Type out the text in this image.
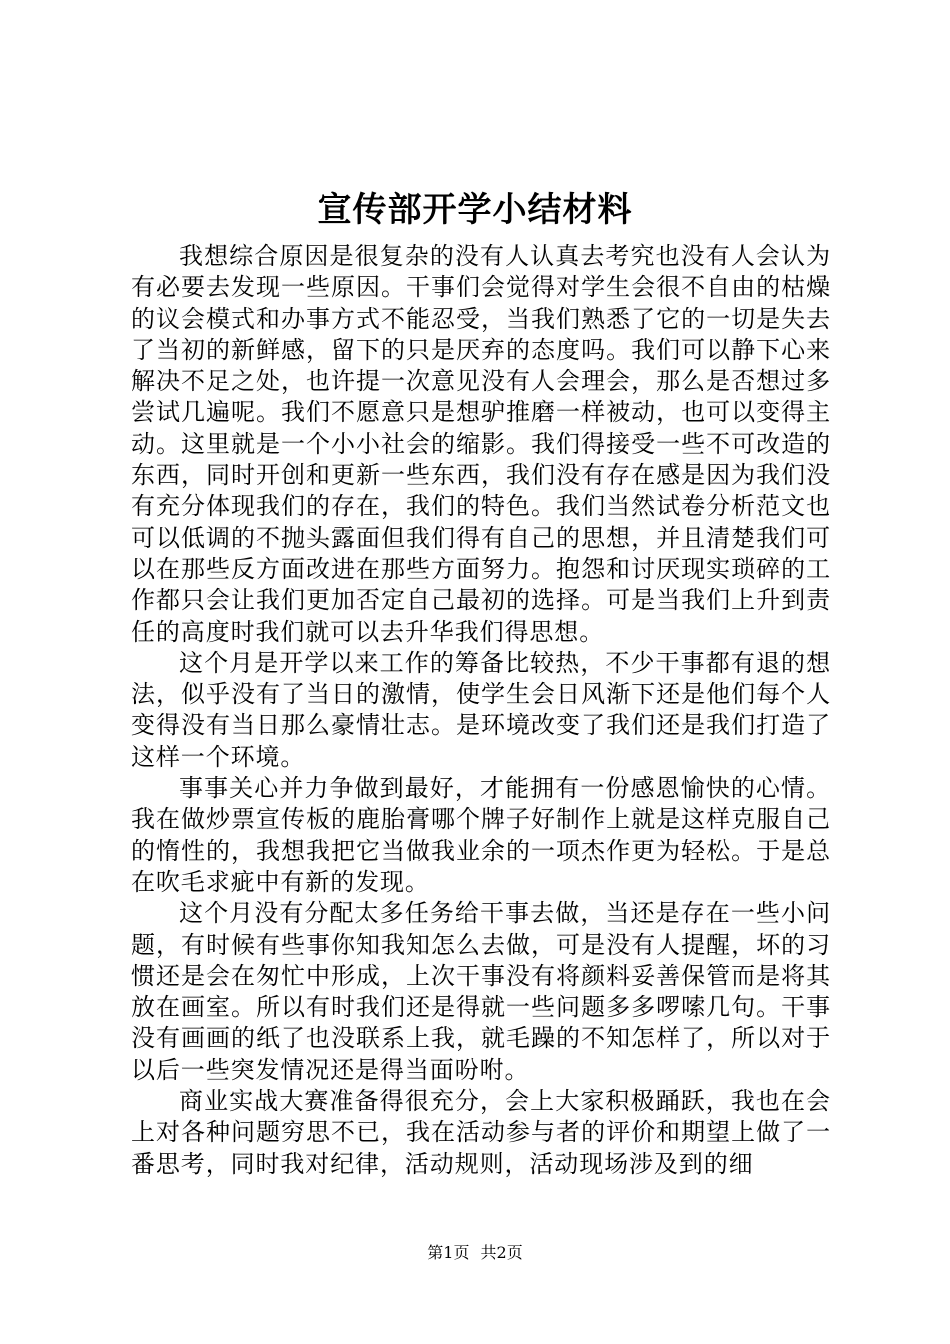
宣传部开学小结材料

我想综合原因是很复杂的没有人认真去考究也没有人会认为有必要去发现一些原因。干事们会觉得对学生会很不自由的枯燥的议会模式和办事方式不能忍受，当我们熟悉了它的一切是失去了当初的新鲜感，留下的只是厌弃的态度吗。我们可以静下心来解决不足之处，也许提一次意见没有人会理会，那么是否想过多尝试几遍呢。我们不愿意只是想驴推磨一样被动，也可以变得主动。这里就是一个小小社会的缩影。我们得接受一些不可改造的东西，同时开创和更新一些东西，我们没有存在感是因为我们没有充分体现我们的存在，我们的特色。我们当然试卷分析范文也可以低调的不抛头露面但我们得有自己的思想，并且清楚我们可以在那些反方面改进在那些方面努力。抱怨和讨厌现实琐碎的工作都只会让我们更加否定自己最初的选择。可是当我们上升到责任的高度时我们就可以去升华我们得思想。

这个月是开学以来工作的筹备比较热，不少干事都有退的想法，似乎没有了当日的激情，使学生会日风渐下还是他们每个人变得没有当日那么豪情壮志。是环境改变了我们还是我们打造了这样一个环境。

事事关心并力争做到最好，才能拥有一份感恩愉快的心情。我在做炒票宣传板的鹿胎膏哪个牌子好制作上就是这样克服自己的惰性的，我想我把它当做我业余的一项杰作更为轻松。于是总在吹毛求疵中有新的发现。

这个月没有分配太多任务给干事去做，当还是存在一些小问题，有时候有些事你知我知怎么去做，可是没有人提醒，坏的习惯还是会在匆忙中形成，上次干事没有将颜料妥善保管而是将其放在画室。所以有时我们还是得就一些问题多多啰嗦几句。干事没有画画的纸了也没联系上我，就毛躁的不知怎样了，所以对于以后一些突发情况还是得当面吩咐。

商业实战大赛准备得很充分，会上大家积极踊跃，我也在会上对各种问题穷思不已，我在活动参与者的评价和期望上做了一番思考，同时我对纪律，活动规则，活动现场涉及到的细

第1页 共2页
